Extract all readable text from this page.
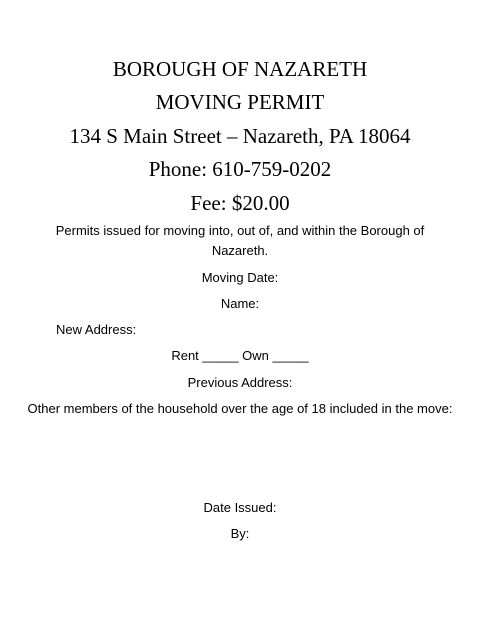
BOROUGH OF NAZARETH
MOVING PERMIT
134 S Main Street – Nazareth, PA 18064
Phone: 610-759-0202
Fee: $20.00
Permits issued for moving into, out of, and within the Borough of Nazareth.
Moving Date:
Name:
New Address:
Rent _____ Own _____
Previous Address:
Other members of the household over the age of 18 included in the move:
Date Issued:
By:
